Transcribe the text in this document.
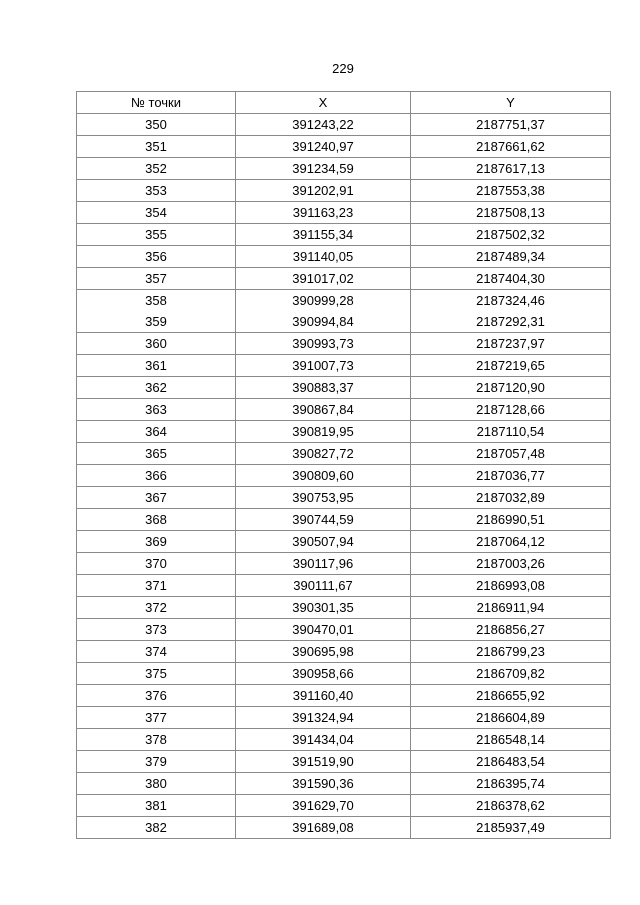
229
№ точки	X	Y
350	391243,22	2187751,37
351	391240,97	2187661,62
352	391234,59	2187617,13
353	391202,91	2187553,38
354	391163,23	2187508,13
355	391155,34	2187502,32
356	391140,05	2187489,34
357	391017,02	2187404,30
358	390999,28	2187324,46
359	390994,84	2187292,31
360	390993,73	2187237,97
361	391007,73	2187219,65
362	390883,37	2187120,90
363	390867,84	2187128,66
364	390819,95	2187110,54
365	390827,72	2187057,48
366	390809,60	2187036,77
367	390753,95	2187032,89
368	390744,59	2186990,51
369	390507,94	2187064,12
370	390117,96	2187003,26
371	390111,67	2186993,08
372	390301,35	2186911,94
373	390470,01	2186856,27
374	390695,98	2186799,23
375	390958,66	2186709,82
376	391160,40	2186655,92
377	391324,94	2186604,89
378	391434,04	2186548,14
379	391519,90	2186483,54
380	391590,36	2186395,74
381	391629,70	2186378,62
382	391689,08	2185937,49
